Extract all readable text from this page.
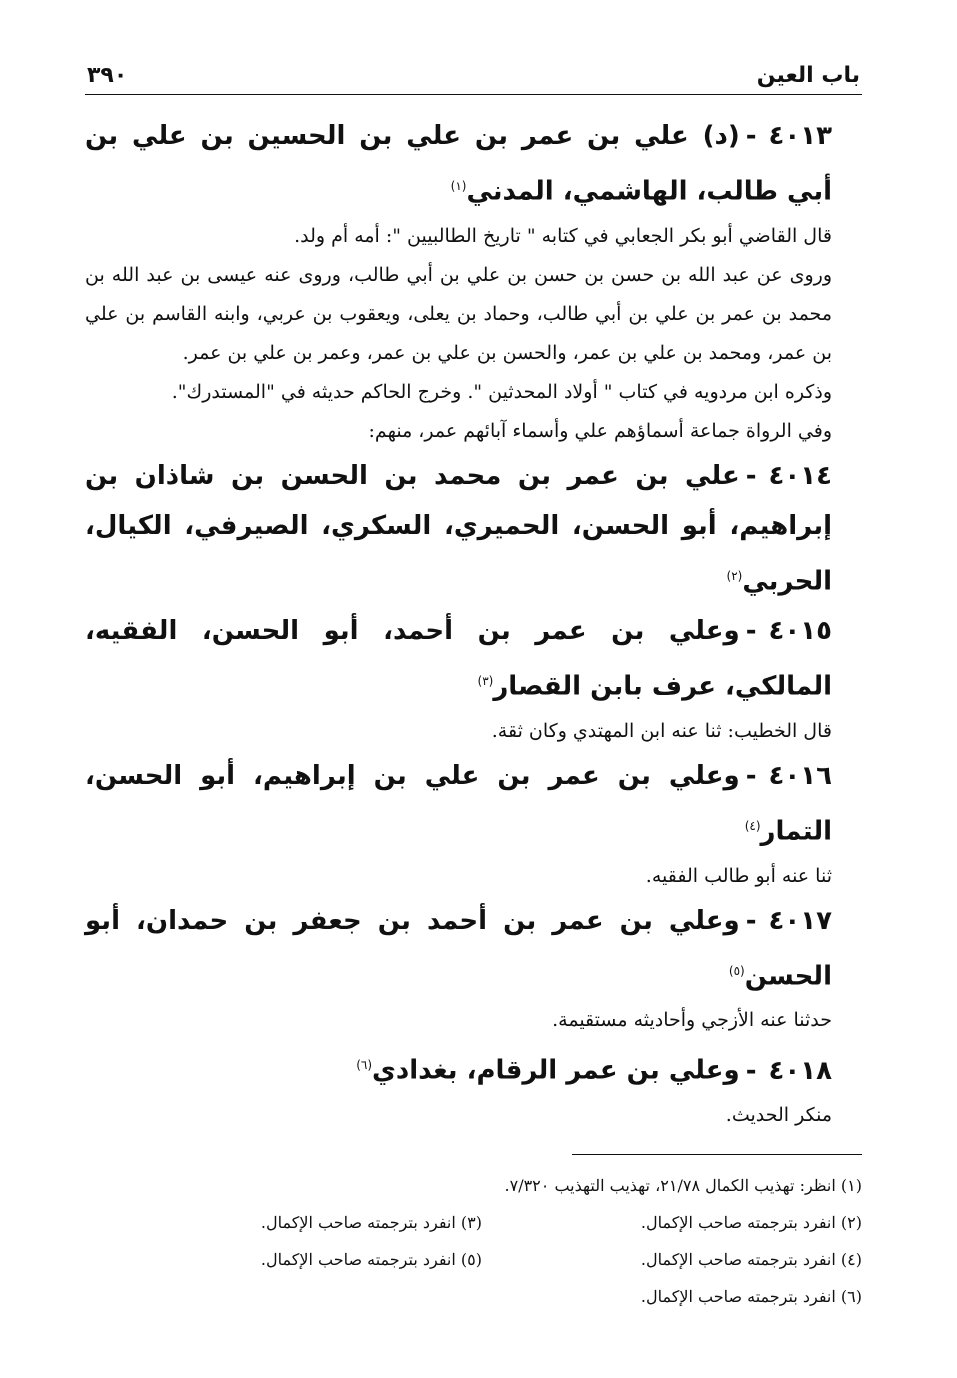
باب العين
٣٩٠

٤٠١٣-(د) علي بن عمر بن علي بن الحسين بن علي بن أبي طالب، الهاشمي، المدني$^{(١)}$

قال القاضي أبو بكر الجعابي في كتابه " تاريخ الطالبيين ": أمه أم ولد.

وروى عن عبد الله بن حسن بن حسن بن علي بن أبي طالب، وروى عنه عيسى بن عبد الله بن محمد بن عمر بن علي بن أبي طالب، وحماد بن يعلى، ويعقوب بن عربي، وابنه القاسم بن علي بن عمر، ومحمد بن علي بن عمر، والحسن بن علي بن عمر، وعمر بن علي بن عمر.

وذكره ابن مردويه في كتاب " أولاد المحدثين ". وخرج الحاكم حديثه في "المستدرك".

وفي الرواة جماعة أسماؤهم علي وأسماء آبائهم عمر، منهم:

٤٠١٤-علي بن عمر بن محمد بن الحسن بن شاذان بن إبراهيم، أبو الحسن، الحميري، السكري، الصيرفي، الكيال، الحربي$^{(٢)}$

٤٠١٥-وعلي بن عمر بن أحمد، أبو الحسن، الفقيه، المالكي، عرف بابن القصار$^{(٣)}$

قال الخطيب: ثنا عنه ابن المهتدي وكان ثقة.

٤٠١٦-وعلي بن عمر بن علي بن إبراهيم، أبو الحسن، التمار$^{(٤)}$

ثنا عنه أبو طالب الفقيه.

٤٠١٧-وعلي بن عمر بن أحمد بن جعفر بن حمدان، أبو الحسن$^{(٥)}$

حدثنا عنه الأزجي وأحاديثه مستقيمة.

٤٠١٨-وعلي بن عمر الرقام، بغدادي$^{(٦)}$

منكر الحديث.

(١) انظر: تهذيب الكمال ٢١/٧٨، تهذيب التهذيب ٧/٣٢٠.

(٢) انفرد بترجمته صاحب الإكمال.
(٣) انفرد بترجمته صاحب الإكمال.
(٤) انفرد بترجمته صاحب الإكمال.
(٥) انفرد بترجمته صاحب الإكمال.

(٦) انفرد بترجمته صاحب الإكمال.
